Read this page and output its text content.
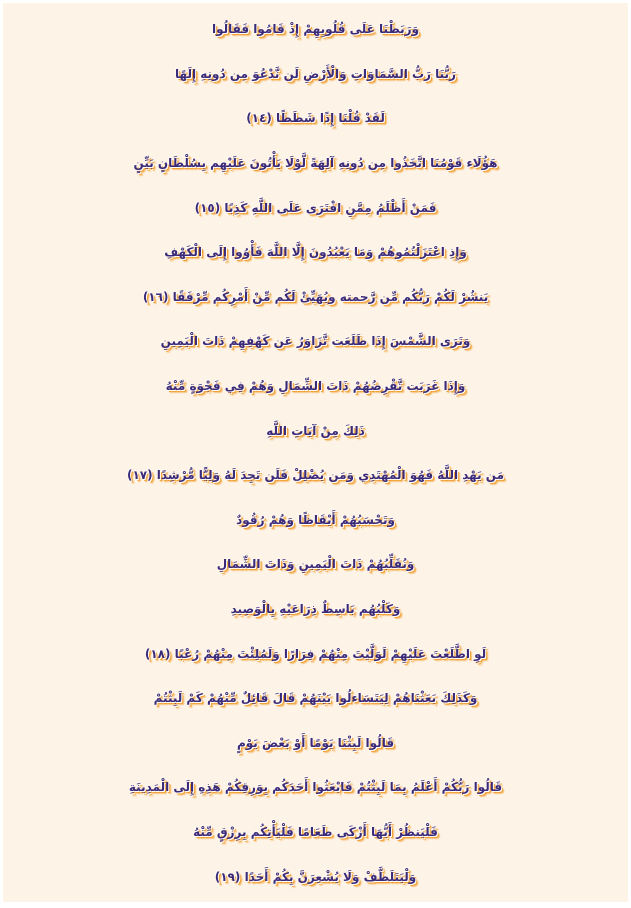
وَرَبَطْنَا عَلَى قُلُوبِهِمْ إِذْ قَامُوا فَقَالُوا
رَبُّنَا رَبُّ السَّمَاوَاتِ وَالْأَرْضِ لَن نَّدْعُوَ مِن دُونِهِ إِلَهًا
لَقَدْ قُلْنَا إِذًا شَطَطًا (١٤)
هَؤُلَاء قَوْمُنَا اتَّخَذُوا مِن دُونِهِ آلِهَةً لَّوْلَا يَأْتُونَ عَلَيْهِم بِسُلْطَانٍ بَيِّنٍ
فَمَنْ أَظْلَمُ مِمَّنِ افْتَرَى عَلَى اللَّهِ كَذِبًا (١٥)
وَإِذِ اعْتَزَلْتُمُوهُمْ وَمَا يَعْبُدُونَ إِلَّا اللَّهَ فَأْوُوا إِلَى الْكَهْفِ
يَنشُرْ لَكُمْ رَبُّكُم مِّن رَّحمته ويُهَيِّئْ لَكُم مِّنْ أَمْرِكُم مِّرْفَقًا (١٦)
وَتَرَى الشَّمْسَ إِذَا طَلَعَت تَّزَاوَرُ عَن كَهْفِهِمْ ذَاتَ الْيَمِينِ
وَإِذَا غَرَبَت تَّقْرِضُهُمْ ذَاتَ الشِّمَالِ وَهُمْ فِي فَجْوَةٍ مِّنْهُ
ذَلِكَ مِنْ آيَاتِ اللَّهِ
مَن يَهْدِ اللَّهُ فَهُوَ الْمُهْتَدِي وَمَن يُضْلِلْ فَلَن تَجِدَ لَهُ وَلِيًّا مُّرْشِدًا (١٧)
وَتَحْسَبُهُمْ أَيْقَاظًا وَهُمْ رُقُودٌ
وَنُقَلِّبُهُمْ ذَاتَ الْيَمِينِ وَذَاتَ الشِّمَالِ
وَكَلْبُهُم بَاسِطٌ ذِرَاعَيْهِ بِالْوَصِيدِ
لَوِ اطَّلَعْتَ عَلَيْهِمْ لَوَلَّيْتَ مِنْهُمْ فِرَارًا وَلَمُلِئْتَ مِنْهُمْ رُعْبًا (١٨)
وَكَذَلِكَ بَعَثْنَاهُمْ لِيَتَسَاءلُوا بَيْنَهُمْ قَالَ قَائِلٌ مِّنْهُمْ كَمْ لَبِثْتُمْ
قَالُوا لَبِثْنَا يَوْمًا أَوْ بَعْضَ يَوْمٍ
قَالُوا رَبُّكُمْ أَعْلَمُ بِمَا لَبِثْتُمْ فَابْعَثُوا أَحَدَكُم بِوَرِقِكُمْ هَذِهِ إِلَى الْمَدِينَةِ
فَلْيَنظُرْ أَيُّهَا أَزْكَى طَعَامًا فَلْيَأْتِكُم بِرِزْقٍ مِّنْهُ
وَلْيَتَلَطَّفْ وَلَا يُشْعِرَنَّ بِكُمْ أَحَدًا (١٩)
